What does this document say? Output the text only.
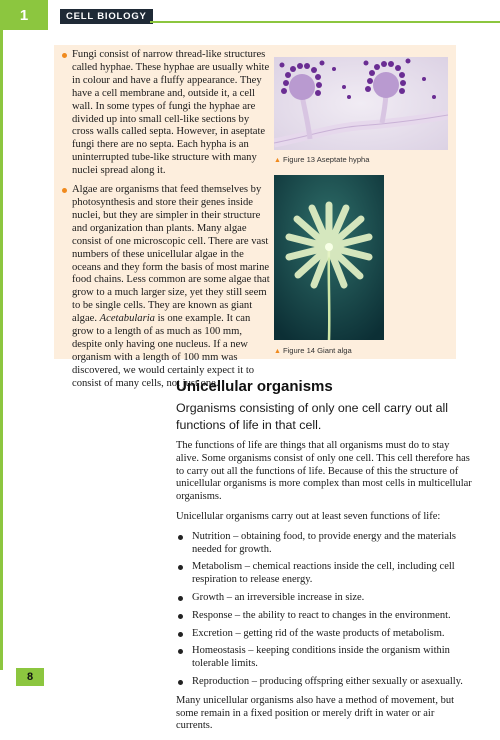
1	CELL BIOLOGY
Fungi consist of narrow thread-like structures called hyphae. These hyphae are usually white in colour and have a fluffy appearance. They have a cell membrane and, outside it, a cell wall. In some types of fungi the hyphae are divided up into small cell-like sections by cross walls called septa. However, in aseptate fungi there are no septa. Each hypha is an uninterrupted tube-like structure with many nuclei spread along it.
Algae are organisms that feed themselves by photosynthesis and store their genes inside nuclei, but they are simpler in their structure and organization than plants. Many algae consist of one microscopic cell. There are vast numbers of these unicellular algae in the oceans and they form the basis of most marine food chains. Less common are some algae that grow to a much larger size, yet they still seem to be single cells. They are known as giant algae. Acetabularia is one example. It can grow to a length of as much as 100 mm, despite only having one nucleus. If a new organism with a length of 100 mm was discovered, we would certainly expect it to consist of many cells, not just one.
▲ Figure 13 Aseptate hypha
▲ Figure 14 Giant alga
Unicellular organisms

Organisms consisting of only one cell carry out all functions of life in that cell.

The functions of life are things that all organisms must do to stay alive. Some organisms consist of only one cell. This cell therefore has to carry out all the functions of life. Because of this the structure of unicellular organisms is more complex than most cells in multicellular organisms.

Unicellular organisms carry out at least seven functions of life:

Nutrition – obtaining food, to provide energy and the materials needed for growth.
Metabolism – chemical reactions inside the cell, including cell respiration to release energy.
Growth – an irreversible increase in size.
Response – the ability to react to changes in the environment.
Excretion – getting rid of the waste products of metabolism.
Homeostasis – keeping conditions inside the organism within tolerable limits.
Reproduction – producing offspring either sexually or asexually.

Many unicellular organisms also have a method of movement, but some remain in a fixed position or merely drift in water or air currents.

8
